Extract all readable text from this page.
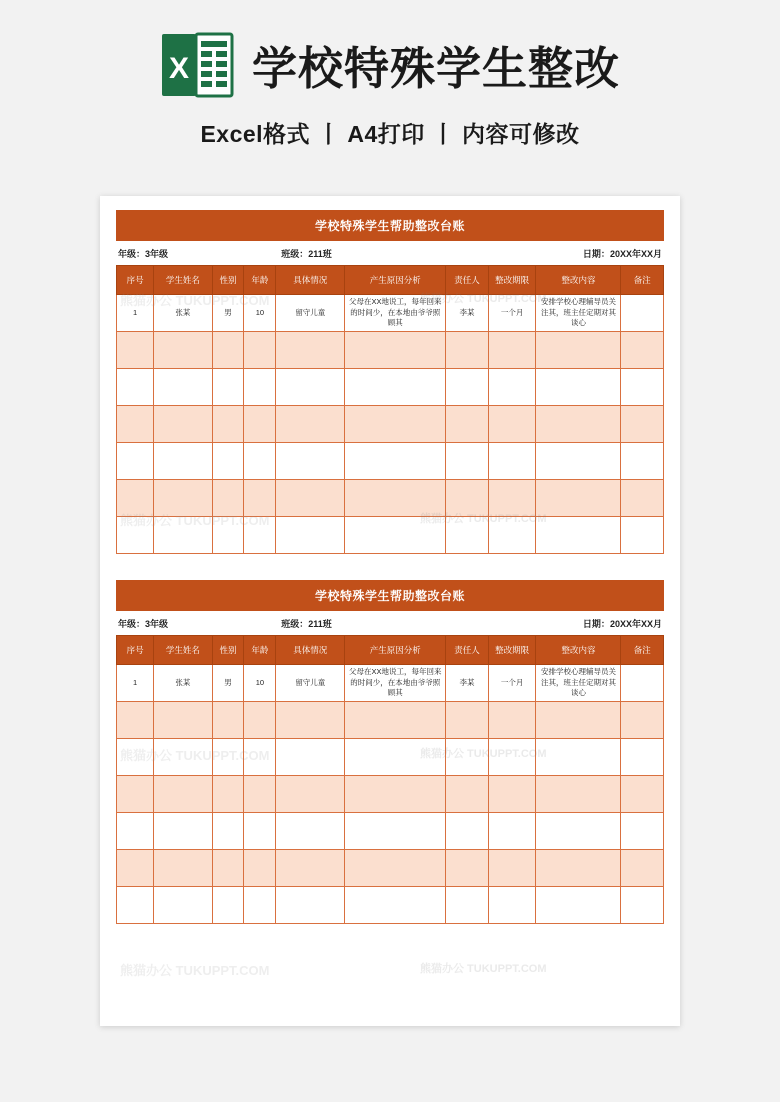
X 学校特殊学生整改
Excel格式 丨 A4打印 丨 内容可修改
学校特殊学生帮助整改台账
年级：3年级	班级：211班	日期：20XX年XX月
序号	学生姓名	性别	年龄	具体情况	产生原因分析	责任人	整改期限	整改内容	备注
1	张某	男	10	留守儿童	父母在XX地说工，每年回来的时间少，在本地由爷爷照顾其	李某	一个月	安排学校心理辅导员关注其，班主任定期对其谈心	

学校特殊学生帮助整改台账
年级：3年级	班级：211班	日期：20XX年XX月
序号	学生姓名	性别	年龄	具体情况	产生原因分析	责任人	整改期限	整改内容	备注
1	张某	男	10	留守儿童	父母在XX地说工，每年回来的时间少，在本地由爷爷照顾其	李某	一个月	安排学校心理辅导员关注其，班主任定期对其谈心	
